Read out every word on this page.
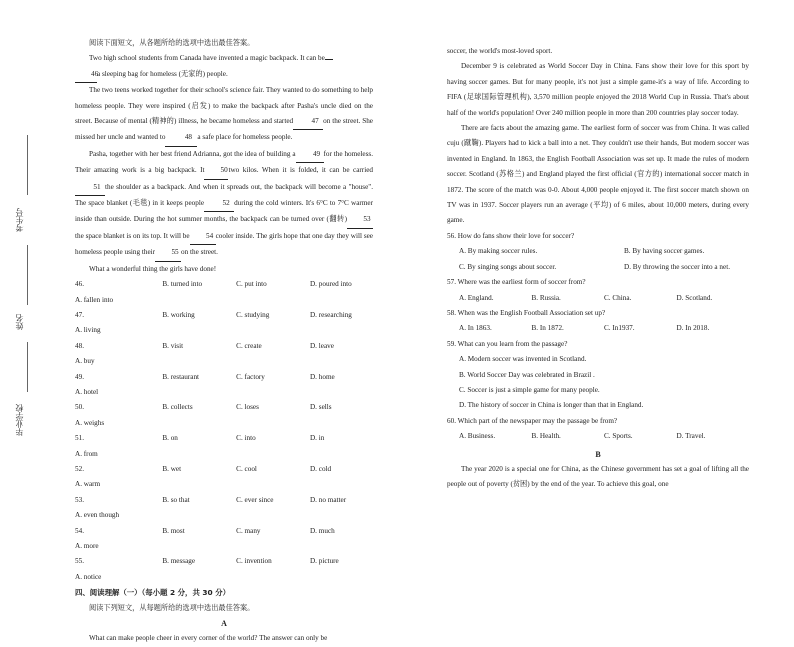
考生号
姓名
毕业学校

阅读下面短文，从各题所给的选项中选出最佳答案。

Two high school students from Canada have invented a magic backpack. It can be
46a sleeping bag for homeless (无家的) people.

The two teens worked together for their school's science fair. They wanted to do something to help homeless people. They were inspired (启发) to make the backpack after Pasha's uncle died on the street. Because of mental (精神的) illness, he became homeless and started	47 on the street. She missed her uncle and wanted to	48 a safe place for homeless people.

Pasha, together with her best friend Adrianna, got the idea of building a 49 for the homeless. Their amazing work is a big backpack. It 50two kilos. When it is folded, it can be carried51 the shoulder as a backpack. And when it spreads out, the backpack will become a "house". The space blanket (毛毯) in it keeps people	52 during the cold winters. It's 6°C to 7°C warmer inside than outside. During the hot summer months, the backpack can be turned over (翻转) 53the space blanket is on its top. It will be 54 cooler inside. The girls hope that one day they will see homeless people using their 55 on the street.

What a wonderful thing the girls have done!

46.
A. fallen into
B. turned into	C. put into	D. poured into
47.
A. living
B. working	C. studying	D. researching
48.
A. buy
B. visit	C. create	D. leave
49.
A. hotel
B. restaurant	C. factory	D. home
50.
A. weighs
B. collects	C. loses	D. sells
51.
A. from
B. on	C. into	D. in
52.
A. warm
B. wet	C. cool	D. cold
53.
A. even though
B. so that	C. ever since	D. no matter
54.
A. more
B. most	C. many	D. much
55.
A. notice
B. message	C. invention	D. picture

四、阅读理解（一）（每小题 2 分，共 30 分）

阅读下列短文，从每题所给的选项中选出最佳答案。

A

What can make people cheer in every corner of the world? The answer can only be

soccer, the world's most-loved sport.

December 9 is celebrated as World Soccer Day in China. Fans show their love for this sport by having soccer games. But for many people, it's not just a simple game-it's a way of life. According to FIFA (足球国际管理机构), 3,570 million people enjoyed the 2018 World Cup in Russia. That's about half of the world's population! Over 240 million people in more than 200 countries play soccer today.

There are facts about the amazing game. The earliest form of soccer was from China. It was called cuju (蹴鞠). Players had to kick a ball into a net. They couldn't use their hands, But modern soccer was invented in England. In 1863, the English Football Association was set up. It made the rules of modern soccer. Scotland (苏格兰) and England played the first official (官方的) international soccer match in 1872. The score of the match was 0-0. About 4,000 people enjoyed it. The first soccer match shown on TV was in 1937. Soccer players run an average (平均) of 6 miles, about 10,000 meters, during every game.

56. How do fans show their love for soccer?

A. By making soccer rules.	B. By having soccer games.
C. By singing songs about soccer.	D. By throwing the soccer into a net.

57. Where was the earliest form of soccer from?

A. England.	B. Russia.	C. China.	D. Scotland.

58. When was the English Football Association set up?

A. In 1863.	B. In 1872.	C. In1937.	D. In 2018.

59. What can you learn from the passage?

A. Modern soccer was invented in Scotland.

B. World Soccer Day was celebrated in Brazil .

C. Soccer is just a simple game for many people.

D. The history of soccer in China is longer than that in England.

60. Which part of the newspaper may the passage be from?

A. Business.	B. Health.	C. Sports.	D. Travel.

B

The year 2020 is a special one for China, as the Chinese government has set a goal of lifting all the people out of poverty (贫困) by the end of the year. To achieve this goal, one
